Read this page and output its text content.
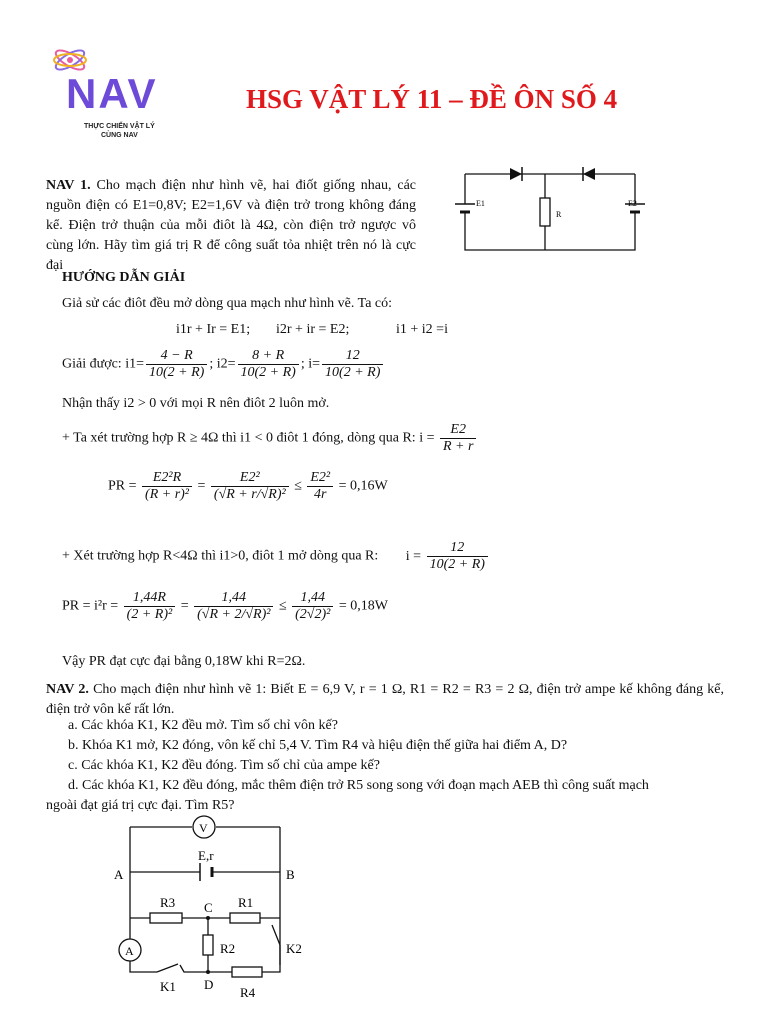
NAV
THỰC CHIẾN VẬT LÝ
CÙNG NAV
HSG VẬT LÝ 11 – ĐỀ ÔN SỐ 4
NAV 1. Cho mạch điện như hình vẽ, hai điốt giống nhau, các nguồn điện có E1=0,8V; E2=1,6V và điện trở trong không đáng kể. Điện trở thuận của mỗi điôt là 4Ω, còn điện trở ngược vô cùng lớn. Hãy tìm giá trị R để công suất tỏa nhiệt trên nó là cực đại
E1
R
E2
HƯỚNG DẪN GIẢI
Giả sử các điôt đều mở dòng qua mạch như hình vẽ. Ta có:
i1r + Ir = E1; i2r + ir = E2;	i1 + i2 =i
Giải được: $i1= \frac{4 - R}{10(2 + R)}$ ; $i2= \frac{8 + R}{10(2 + R)}$ ; $i= \frac{12}{10(2 + R)}$
Nhận thấy i2 > 0 với mọi R nên điôt 2 luôn mở.
+ Ta xét trường hợp R ≥ 4Ω thì i1 < 0 điôt 1 đóng, dòng qua R: $i = \frac{E2}{R + r}$
PR = $\frac{\text{E2²R}}{\text{(R + r)²}} = \frac{\text{E2²}}{\text{(√R + r/√R)²}} \le \frac{\text{E2²}}{4r} = 0,16W$
+ Xét trường hợp R<4Ω thì i1>0, điôt 1 mở dòng qua R: $i = \frac{12}{10(2 + R)}$
PR = $i^2r = \frac{1,44R}{\text{(2 + R)²}} = \frac{1,44}{\text{(√R + 2/√R)²}} \le \frac{1,44}{\text{(2√2)²}} = 0,18W$
Vậy PR đạt cực đại bằng 0,18W khi R=2Ω.
NAV 2. Cho mạch điện như hình vẽ 1: Biết E = 6,9 V, r = 1 Ω, R1 = R2 = R3 = 2 Ω, điện trở ampe kế không đáng kể, điện trở vôn kế rất lớn.
a. Các khóa K1, K2 đều mở. Tìm số chỉ vôn kế?
b. Khóa K1 mở, K2 đóng, vôn kế chỉ 5,4 V. Tìm R4 và hiệu điện thế giữa hai điểm A, D?
c. Các khóa K1, K2 đều đóng. Tìm số chỉ của ampe kế?
d. Các khóa K1, K2 đều đóng, mắc thêm điện trở R5 song song với đoạn mạch AEB thì công suất mạch
ngoài đạt giá trị cực đại. Tìm R5?
V
A
E,r
A	B
C
D
R3	R1
R2
R4
K1
K2
